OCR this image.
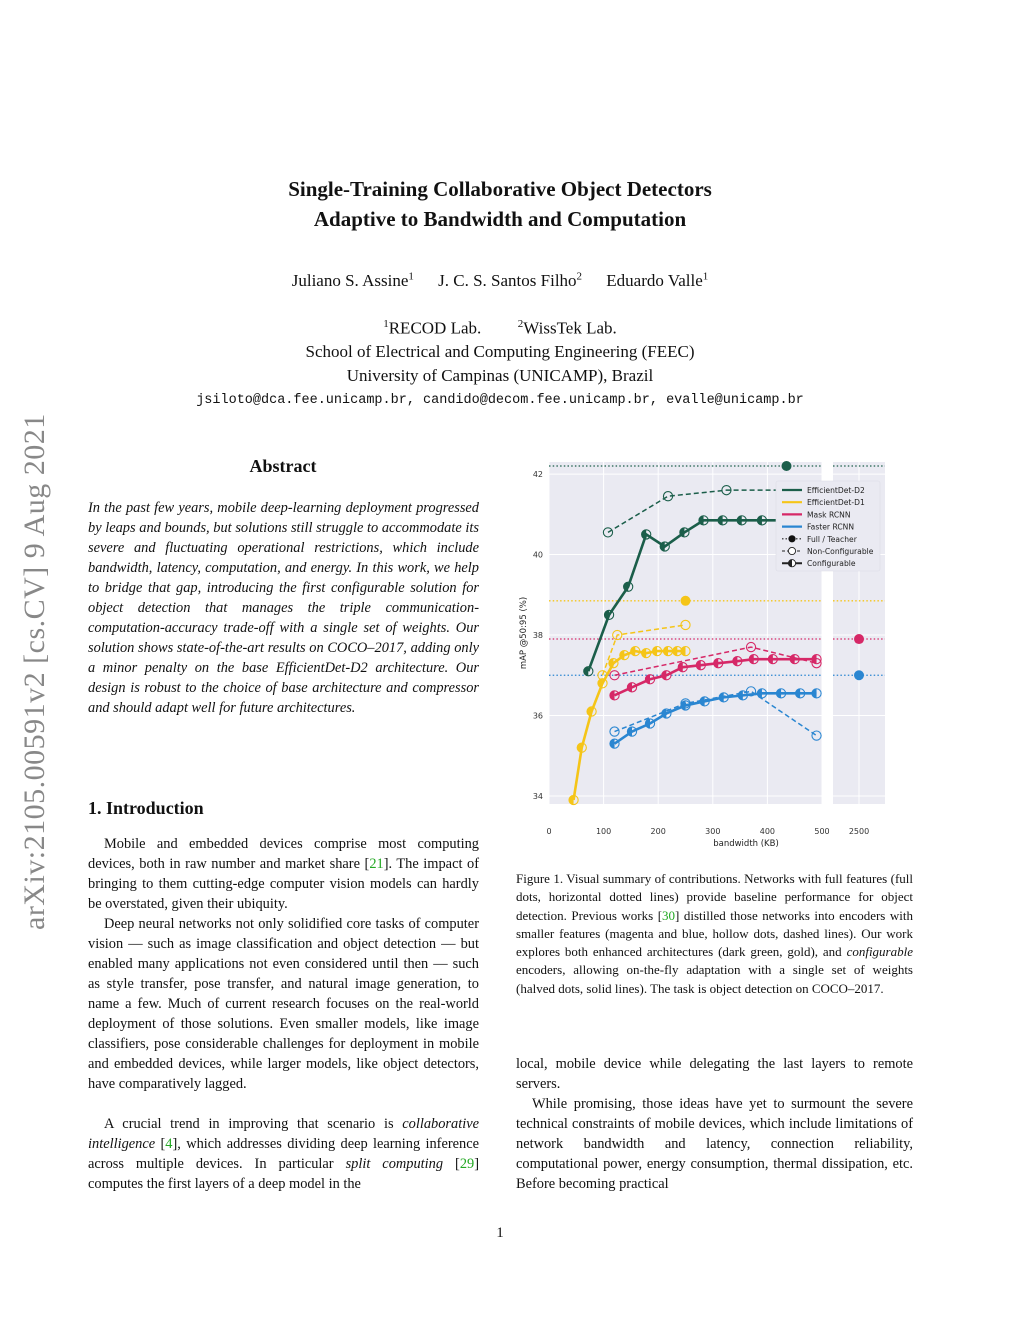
arXiv:2105.00591v2 [cs.CV] 9 Aug 2021
Single-Training Collaborative Object Detectors
Adaptive to Bandwidth and Computation
Juliano S. Assine$^1$ J. C. S. Santos Filho$^2$ Eduardo Valle$^1$
$^1$RECOD Lab.	$^2$WissTek Lab.
School of Electrical and Computing Engineering (FEEC)
University of Campinas (UNICAMP), Brazil
jsiloto@dca.fee.unicamp.br, candido@decom.fee.unicamp.br, evalle@unicamp.br
Abstract
In the past few years, mobile deep-learning deployment progressed by leaps and bounds, but solutions still struggle to accommodate its severe and fluctuating operational restrictions, which include bandwidth, latency, computation, and energy. In this work, we help to bridge that gap, introducing the first configurable solution for object detection that manages the triple communication-computation-accuracy trade-off with a single set of weights. Our solution shows state-of-the-art results on COCO–2017, adding only a minor penalty on the base EfficientDet-D2 architecture. Our design is robust to the choice of base architecture and compressor and should adapt well for future architectures.
1. Introduction
Mobile and embedded devices comprise most computing devices, both in raw number and market share [21]. The impact of bringing to them cutting-edge computer vision models can hardly be overstated, given their ubiquity.
Deep neural networks not only solidified core tasks of computer vision — such as image classification and object detection — but enabled many applications not even considered until then — such as style transfer, pose transfer, and natural image generation, to name a few. Much of current research focuses on the real-world deployment of those solutions. Even smaller models, like image classifiers, pose considerable challenges for deployment in mobile and embedded devices, while larger models, like object detectors, have comparatively lagged.
A crucial trend in improving that scenario is collaborative intelligence [4], which addresses dividing deep learning inference across multiple devices. In particular split computing [29] computes the first layers of a deep model in the
34
36
38
40
42
0	100	200	300	400	500 2500
bandwidth (KB)
mAP @50:95 (%)
EfficientDet-D2
EfficientDet-D1
Mask RCNN
Faster RCNN
Full / Teacher
Non-Configurable
Configurable
Figure 1. Visual summary of contributions. Networks with full features (full dots, horizontal dotted lines) provide baseline performance for object detection. Previous works [30] distilled those networks into encoders with smaller features (magenta and blue, hollow dots, dashed lines). Our work explores both enhanced architectures (dark green, gold), and configurable encoders, allowing on-the-fly adaptation with a single set of weights (halved dots, solid lines). The task is object detection on COCO–2017.
local, mobile device while delegating the last layers to remote servers.
While promising, those ideas have yet to surmount the severe technical constraints of mobile devices, which include limitations of network bandwidth and latency, connection reliability, computational power, energy consumption, thermal dissipation, etc. Before becoming practical
1
